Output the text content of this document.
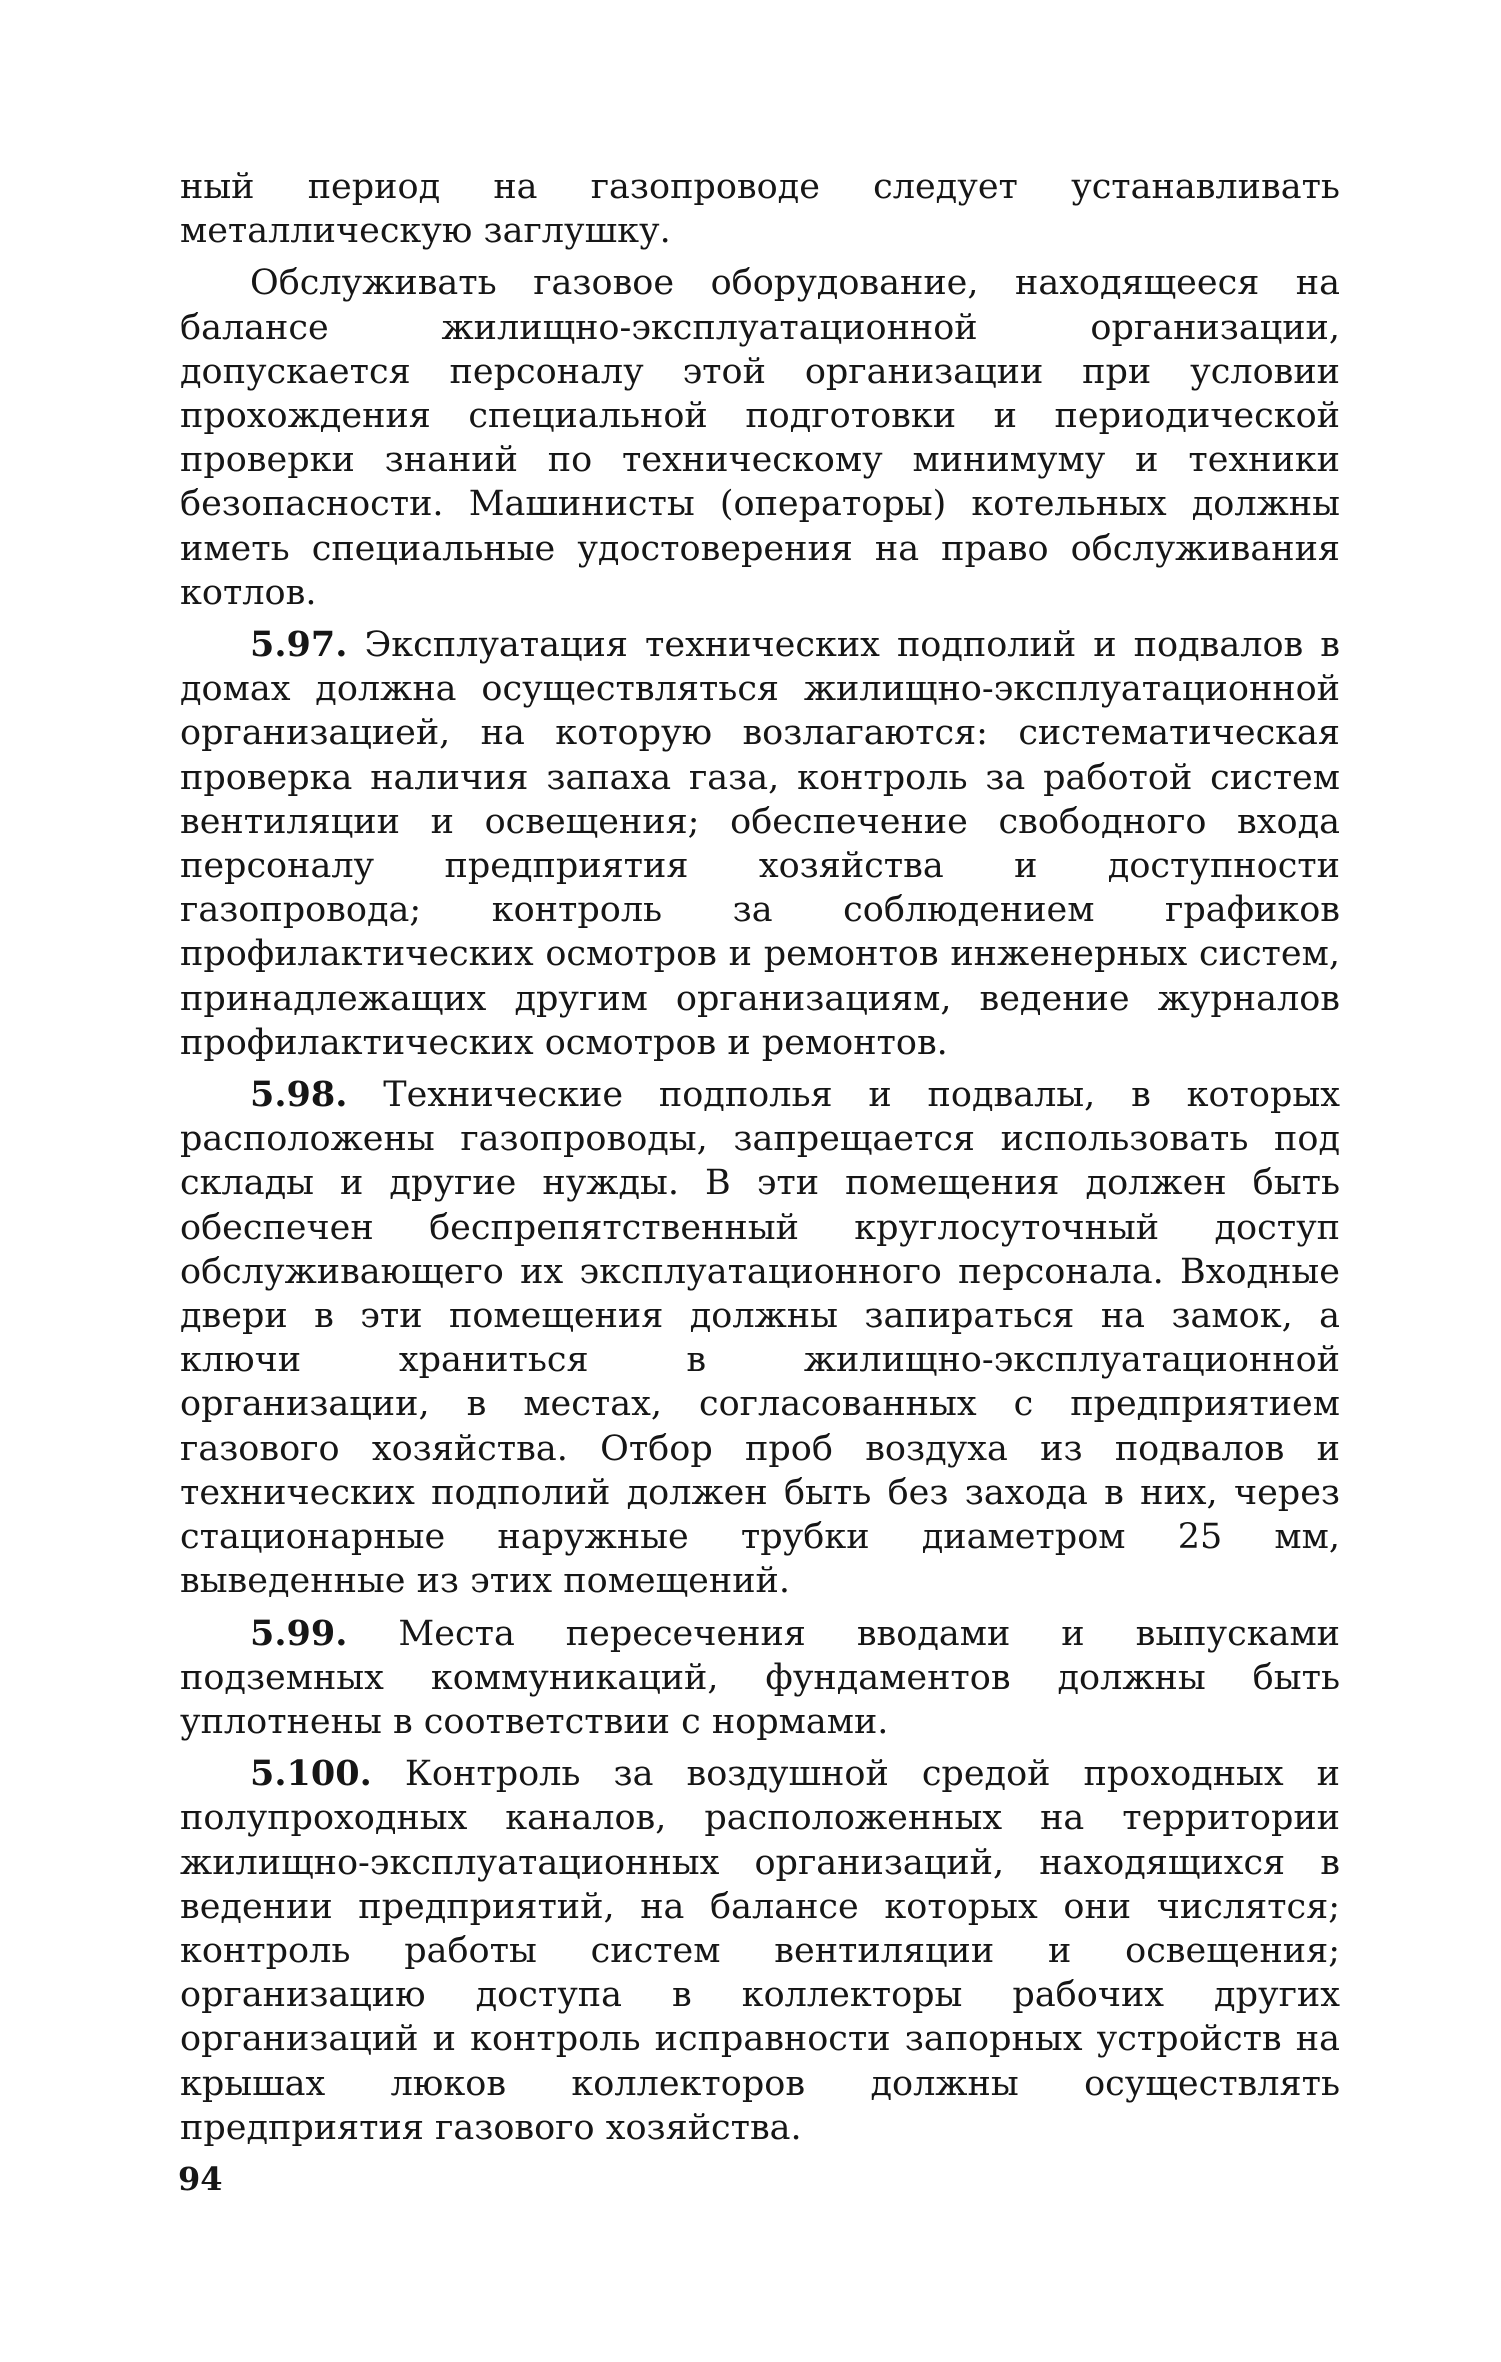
ный период на газопроводе следует устанавливать металлическую заглушку.

Обслуживать газовое оборудование, находящееся на балансе жилищно-эксплуатационной организации, допускается персоналу этой организации при условии прохождения специальной подготовки и периодической проверки знаний по техническому минимуму и техники безопасности. Машинисты (операторы) котельных должны иметь специальные удостоверения на право обслуживания котлов.

5.97. Эксплуатация технических подполий и подвалов в домах должна осуществляться жилищно-эксплуатационной организацией, на которую возлагаются: систематическая проверка наличия запаха газа, контроль за работой систем вентиляции и освещения; обеспечение свободного входа персоналу предприятия хозяйства и доступности газопровода; контроль за соблюдением графиков профилактических осмотров и ремонтов инженерных систем, принадлежащих другим организациям, ведение журналов профилактических осмотров и ремонтов.

5.98. Технические подполья и подвалы, в которых расположены газопроводы, запрещается использовать под склады и другие нужды. В эти помещения должен быть обеспечен беспрепятственный круглосуточный доступ обслуживающего их эксплуатационного персонала. Входные двери в эти помещения должны запираться на замок, а ключи храниться в жилищно-эксплуатационной организации, в местах, согласованных с предприятием газового хозяйства. Отбор проб воздуха из подвалов и технических подполий должен быть без захода в них, через стационарные наружные трубки диаметром 25 мм, выведенные из этих помещений.

5.99. Места пересечения вводами и выпусками подземных коммуникаций, фундаментов должны быть уплотнены в соответствии с нормами.

5.100. Контроль за воздушной средой проходных и полупроходных каналов, расположенных на территории жилищно-эксплуатационных организаций, находящихся в ведении предприятий, на балансе которых они числятся; контроль работы систем вентиляции и освещения; организацию доступа в коллекторы рабочих других организаций и контроль исправности запорных устройств на крышах люков коллекторов должны осуществлять предприятия газового хозяйства.

94
